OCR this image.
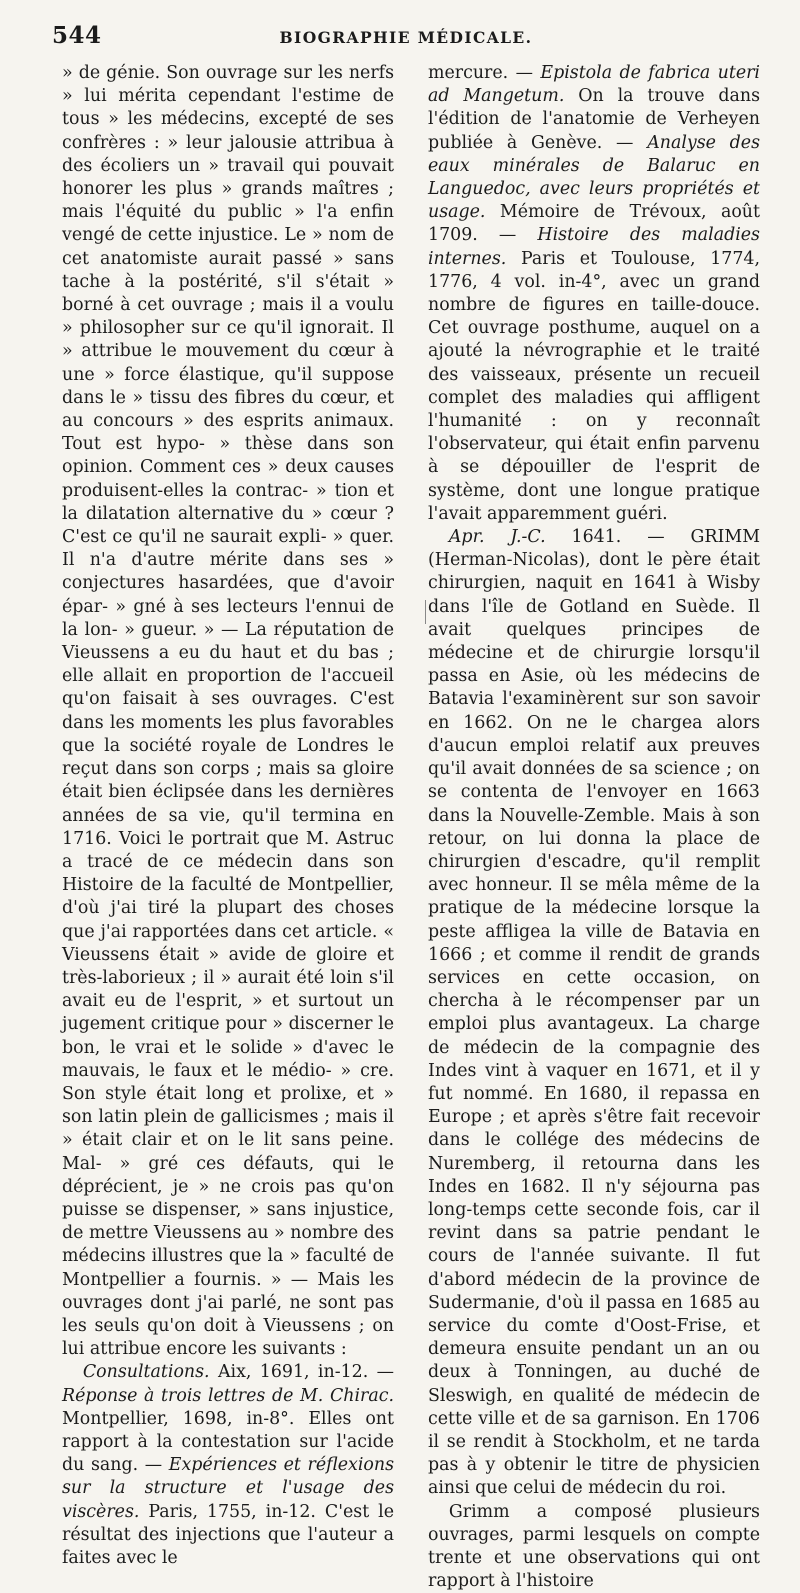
544	BIOGRAPHIE MÉDICALE.

» de génie. Son ouvrage sur les nerfs » lui mérita cependant l'estime de tous » les médecins, excepté de ses confrères : » leur jalousie attribua à des écoliers un » travail qui pouvait honorer les plus » grands maîtres ; mais l'équité du public » l'a enfin vengé de cette injustice. Le » nom de cet anatomiste aurait passé » sans tache à la postérité, s'il s'était » borné à cet ouvrage ; mais il a voulu » philosopher sur ce qu'il ignorait. Il » attribue le mouvement du cœur à une » force élastique, qu'il suppose dans le » tissu des fibres du cœur, et au concours » des esprits animaux. Tout est hypo- » thèse dans son opinion. Comment ces » deux causes produisent-elles la contrac- » tion et la dilatation alternative du » cœur ? C'est ce qu'il ne saurait expli- » quer. Il n'a d'autre mérite dans ses » conjectures hasardées, que d'avoir épar- » gné à ses lecteurs l'ennui de la lon- » gueur. » — La réputation de Vieussens a eu du haut et du bas ; elle allait en proportion de l'accueil qu'on faisait à ses ouvrages. C'est dans les moments les plus favorables que la société royale de Londres le reçut dans son corps ; mais sa gloire était bien éclipsée dans les dernières années de sa vie, qu'il termina en 1716. Voici le portrait que M. Astruc a tracé de ce médecin dans son Histoire de la faculté de Montpellier, d'où j'ai tiré la plupart des choses que j'ai rapportées dans cet article. « Vieussens était » avide de gloire et très-laborieux ; il » aurait été loin s'il avait eu de l'esprit, » et surtout un jugement critique pour » discerner le bon, le vrai et le solide » d'avec le mauvais, le faux et le médio- » cre. Son style était long et prolixe, et » son latin plein de gallicismes ; mais il » était clair et on le lit sans peine. Mal- » gré ces défauts, qui le déprécient, je » ne crois pas qu'on puisse se dispenser, » sans injustice, de mettre Vieussens au » nombre des médecins illustres que la » faculté de Montpellier a fournis. » — Mais les ouvrages dont j'ai parlé, ne sont pas les seuls qu'on doit à Vieussens ; on lui attribue encore les suivants :

Consultations. Aix, 1691, in-12. — Réponse à trois lettres de M. Chirac. Montpellier, 1698, in-8°. Elles ont rapport à la contestation sur l'acide du sang. — Expériences et réflexions sur la structure et l'usage des viscères. Paris, 1755, in-12. C'est le résultat des injections que l'auteur a faites avec le

mercure. — Epistola de fabrica uteri ad Mangetum. On la trouve dans l'édition de l'anatomie de Verheyen publiée à Genève. — Analyse des eaux minérales de Balaruc en Languedoc, avec leurs propriétés et usage. Mémoire de Trévoux, août 1709. — Histoire des maladies internes. Paris et Toulouse, 1774, 1776, 4 vol. in-4°, avec un grand nombre de figures en taille-douce. Cet ouvrage posthume, auquel on a ajouté la névrographie et le traité des vaisseaux, présente un recueil complet des maladies qui affligent l'humanité : on y reconnaît l'observateur, qui était enfin parvenu à se dépouiller de l'esprit de système, dont une longue pratique l'avait apparemment guéri.

Apr. J.-C. 1641. — GRIMM (Herman-Nicolas), dont le père était chirurgien, naquit en 1641 à Wisby dans l'île de Gotland en Suède. Il avait quelques principes de médecine et de chirurgie lorsqu'il passa en Asie, où les médecins de Batavia l'examinèrent sur son savoir en 1662. On ne le chargea alors d'aucun emploi relatif aux preuves qu'il avait données de sa science ; on se contenta de l'envoyer en 1663 dans la Nouvelle-Zemble. Mais à son retour, on lui donna la place de chirurgien d'escadre, qu'il remplit avec honneur. Il se mêla même de la pratique de la médecine lorsque la peste affligea la ville de Batavia en 1666 ; et comme il rendit de grands services en cette occasion, on chercha à le récompenser par un emploi plus avantageux. La charge de médecin de la compagnie des Indes vint à vaquer en 1671, et il y fut nommé. En 1680, il repassa en Europe ; et après s'être fait recevoir dans le collége des médecins de Nuremberg, il retourna dans les Indes en 1682. Il n'y séjourna pas long-temps cette seconde fois, car il revint dans sa patrie pendant le cours de l'année suivante. Il fut d'abord médecin de la province de Sudermanie, d'où il passa en 1685 au service du comte d'Oost-Frise, et demeura ensuite pendant un an ou deux à Tonningen, au duché de Sleswigh, en qualité de médecin de cette ville et de sa garnison. En 1706 il se rendit à Stockholm, et ne tarda pas à y obtenir le titre de physicien ainsi que celui de médecin du roi.

Grimm a composé plusieurs ouvrages, parmi lesquels on compte trente et une observations qui ont rapport à l'histoire
